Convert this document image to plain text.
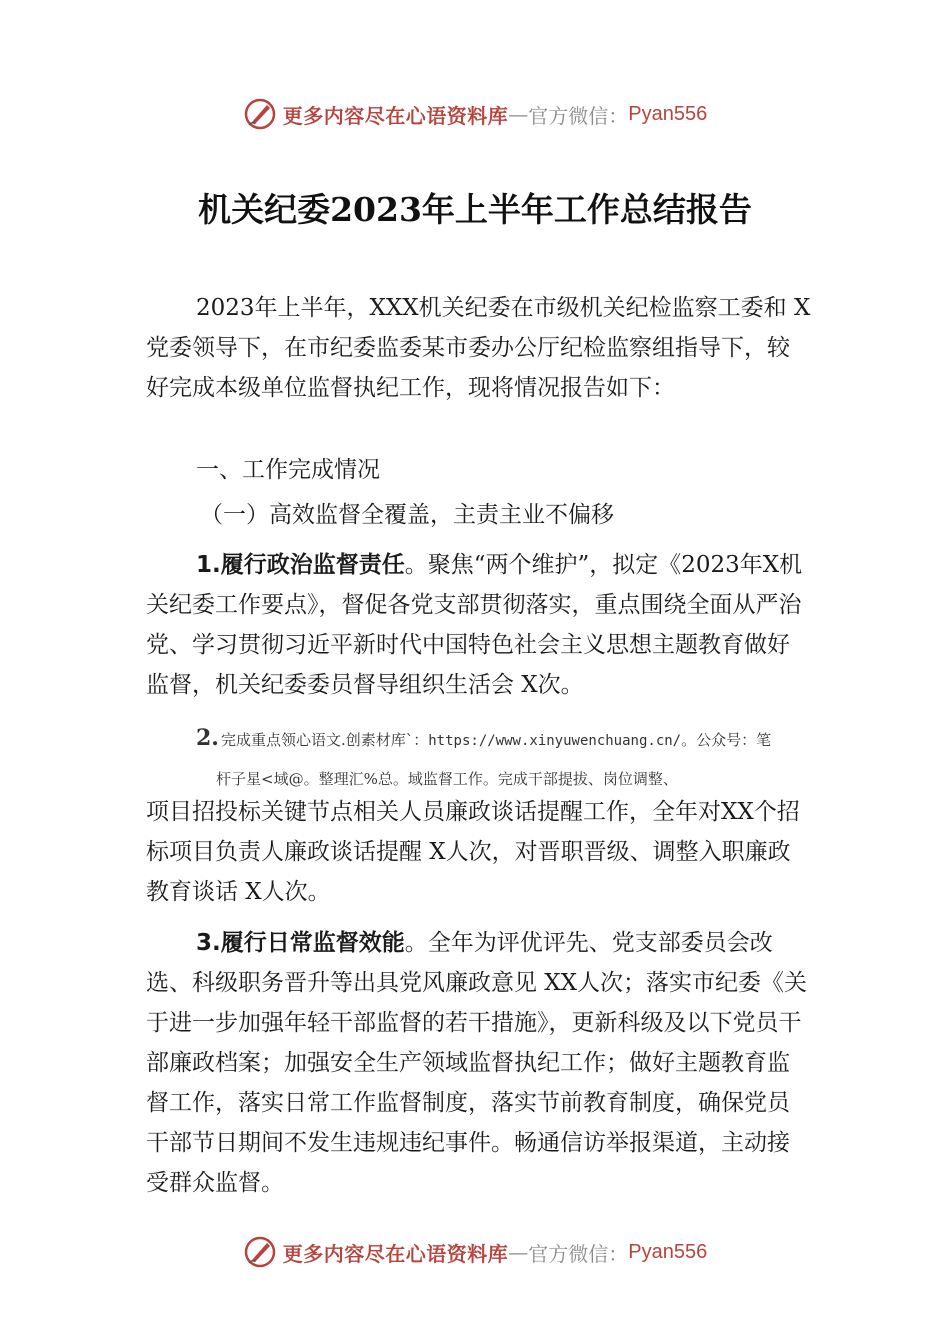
更多内容尽在心语资料库 — 官方微信： Pyan556
机关纪委2023年上半年工作总结报告
2023年上半年，XXX机关纪委在市级机关纪检监察工委和 X党委领导下，在市纪委监委某市委办公厅纪检监察组指导下，较好完成本级单位监督执纪工作，现将情况报告如下：
一、工作完成情况
（一）高效监督全覆盖，主责主业不偏移
1.履行政治监督责任。聚焦“两个维护”，拟定《2023年X机关纪委工作要点》，督促各党支部贯彻落实，重点围绕全面从严治党、学习贯彻习近平新时代中国特色社会主义思想主题教育做好监督，机关纪委委员督导组织生活会 X次。
2. 完成重点领心语文.创素材库`：https://www.xinyuwenchuang.cn/。公众号：笔
杆子星<域@。整理汇%总。域监督工作。完成干部提拔、岗位调整、
项目招投标关键节点相关人员廉政谈话提醒工作，全年对XX个招标项目负责人廉政谈话提醒 X人次，对晋职晋级、调整入职廉政教育谈话 X人次。
3.履行日常监督效能。全年为评优评先、党支部委员会改选、科级职务晋升等出具党风廉政意见 XX人次；落实市纪委《关于进一步加强年轻干部监督的若干措施》，更新科级及以下党员干部廉政档案；加强安全生产领域监督执纪工作；做好主题教育监督工作，落实日常工作监督制度，落实节前教育制度，确保党员干部节日期间不发生违规违纪事件。畅通信访举报渠道，主动接受群众监督。
更多内容尽在心语资料库 — 官方微信： Pyan556
